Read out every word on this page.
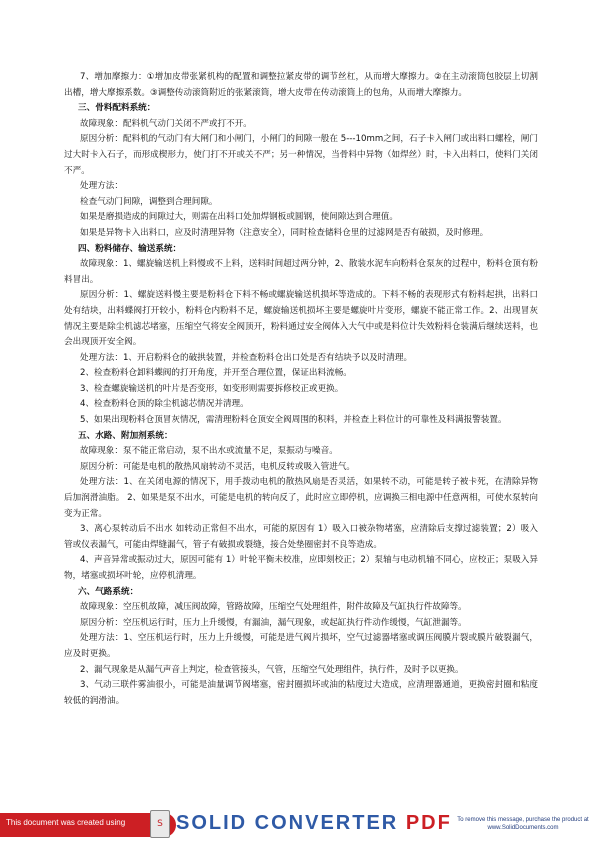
7、增加摩擦力：①增加皮带张紧机构的配置和调整拉紧皮带的调节丝杠，从而增大摩擦力。②在主动滚筒包胶层上切割出槽，增大摩擦系数。③调整传动滚筒附近的张紧滚筒，增大皮带在传动滚筒上的包角，从而增大摩擦力。

三、骨料配料系统：

故障现象：配料机气动门关闭不严或打不开。

原因分析：配料机的气动门有大闸门和小闸门，小闸门的间隙一般在 5---10mm之间，石子卡入闸门或出料口螺栓，闸门过大时卡入石子，而形成楔形力，使门打不开或关不严；另一种情况，当骨料中异物（如焊丝）时，卡入出料口，使料门关闭不严。

处理方法：

检查气动门间隙，调整到合理间隙。

如果是磨损造成的间隙过大，则需在出料口处加焊钢板或圆钢，使间隙达到合理值。

如果是异物卡入出料口，应及时清理异物（注意安全），同时检查储料仓里的过滤网是否有破损，及时修理。

四、粉料储存、输送系统：

故障现象：1、螺旋输送机上料慢或不上料，送料时间超过两分钟，2、散装水泥车向粉料仓泵灰的过程中，粉料仓顶有粉料冒出。

原因分析：1、螺旋送料慢主要是粉料仓下料不畅或螺旋输送机损坏等造成的。下料不畅的表现形式有粉料起拱，出料口处有结块，出料蝶阀打开较小，粉料仓内粉料不足，螺旋输送机损坏主要是螺旋叶片变形，螺旋不能正常工作。2、出现冒灰情况主要是除尘机滤芯堵塞，压缩空气将安全阀顶开，粉料通过安全阀体入大气中或是料位计失效粉料仓装满后继续送料，也会出现顶开安全阀。

处理方法：1、开启粉料仓的破拱装置，并检查粉料仓出口处是否有结块予以及时清理。

2、检查粉料仓卸料蝶阀的打开角度，并开至合理位置，保证出料流畅。

3、检查螺旋输送机的叶片是否变形，如变形则需要拆修校正或更换。

4、检查粉料仓顶的除尘机滤芯情况并清理。

5、如果出现粉料仓顶冒灰情况，需清理粉料仓顶安全阀周围的积料，并检查上料位计的可靠性及料满报警装置。

五、水路、附加剂系统：

故障现象：泵不能正常启动，泵不出水或流量不足，泵振动与噪音。

原因分析：可能是电机的散热风扇转动不灵活，电机反转或吸入管进气。

处理方法：1、在关闭电源的情况下，用手拨动电机的散热风扇是否灵活，如果转不动，可能是转子被卡死，在清除异物后加润滑油脂。 2、如果是泵不出水，可能是电机的转向反了，此时应立即停机，应调换三相电源中任意两相，可使水泵转向变为正常。

3、离心泵转动后不出水 如转动正常但不出水，可能的原因有 1）吸入口被杂物堵塞，应清除后支撑过滤装置；2）吸入管或仪表漏气，可能由焊缝漏气，管子有破损或裂缝，接合处垫圈密封不良等造成。

4、声音异常或振动过大，原因可能有 1）叶轮平衡未校准，应即刻校正；2）泵轴与电动机轴不同心，应校正；泵吸入异物，堵塞或损坏叶轮，应停机清理。

六、气路系统：

故障现象：空压机故障，减压阀故障，管路故障，压缩空气处理组件，附件故障及气缸执行件故障等。

原因分析：空压机运行时，压力上升缓慢，有漏油，漏气现象，或起缸执行件动作缓慢，气缸泄漏等。

处理方法：1、空压机运行时，压力上升缓慢，可能是进气阀片损坏，空气过滤器堵塞或调压阀膜片裂或膜片破裂漏气，应及时更换。

2、漏气现象是从漏气声音上判定，检查管接头，气管，压缩空气处理组件，执行件，及时予以更换。

3、气动三联件雾油很小，可能是油量调节阀堵塞，密封圈损坏或油的粘度过大造成，应清理器通道，更换密封圈和粘度较低的润滑油。

This document was created using	S SOLID CONVERTER PDF To remove this message, purchase the product at www.SolidDocuments.com
